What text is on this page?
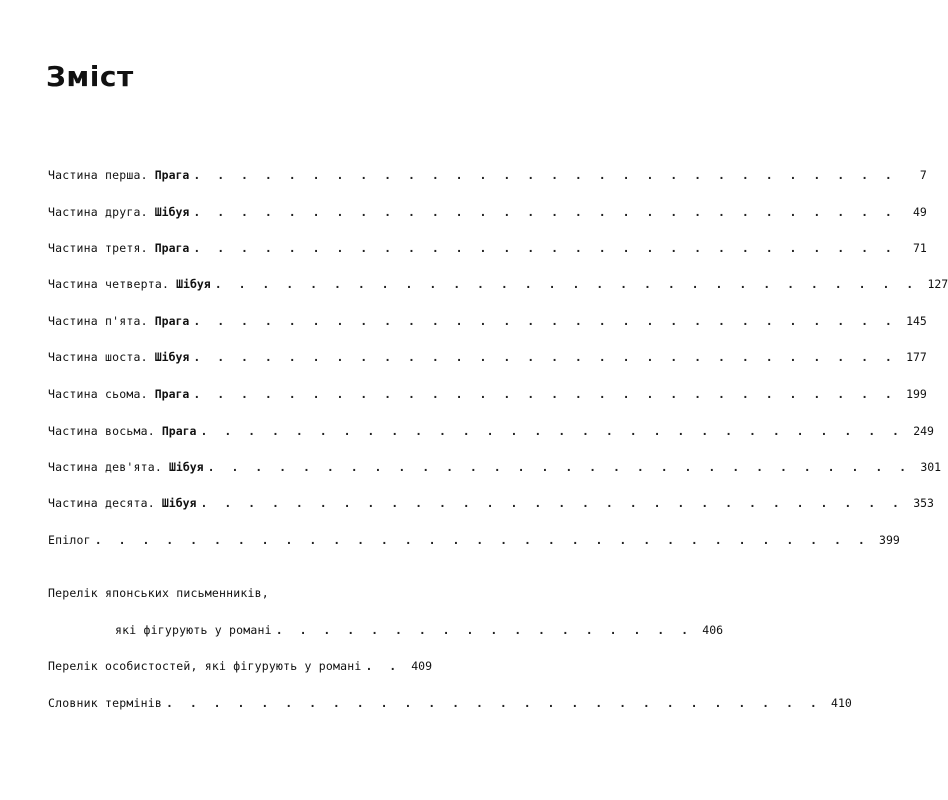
Зміст
Частина перша. Прага . . . . . . . . . . . . . . . . . . . . . . . . . . . . . .	7
Частина друга. Шібуя . . . . . . . . . . . . . . . . . . . . . . . . . . . . . .	49
Частина третя. Прага . . . . . . . . . . . . . . . . . . . . . . . . . . . . . .	71
Частина четверта. Шібуя . . . . . . . . . . . . . . . . . . . . . . . . . . . . . . 127
Частина п'ята. Прага . . . . . . . . . . . . . . . . . . . . . . . . . . . . . . 145
Частина шоста. Шібуя . . . . . . . . . . . . . . . . . . . . . . . . . . . . . . 177
Частина сьома. Прага . . . . . . . . . . . . . . . . . . . . . . . . . . . . . . 199
Частина восьма. Прага . . . . . . . . . . . . . . . . . . . . . . . . . . . . . . 249
Частина дев'ята. Шібуя . . . . . . . . . . . . . . . . . . . . . . . . . . . . . . 301
Частина десята. Шібуя . . . . . . . . . . . . . . . . . . . . . . . . . . . . . . 353
Епілог . . . . . . . . . . . . . . . . . . . . . . . . . . . . . . . . . 399
Перелік японських письменників,
які фігурують у романі . . . . . . . . . . . . . . . . . . 406
Перелік особистостей, які фігурують у романі . . 409
Словник термінів . . . . . . . . . . . . . . . . . . . . . . . . . . . . 410
